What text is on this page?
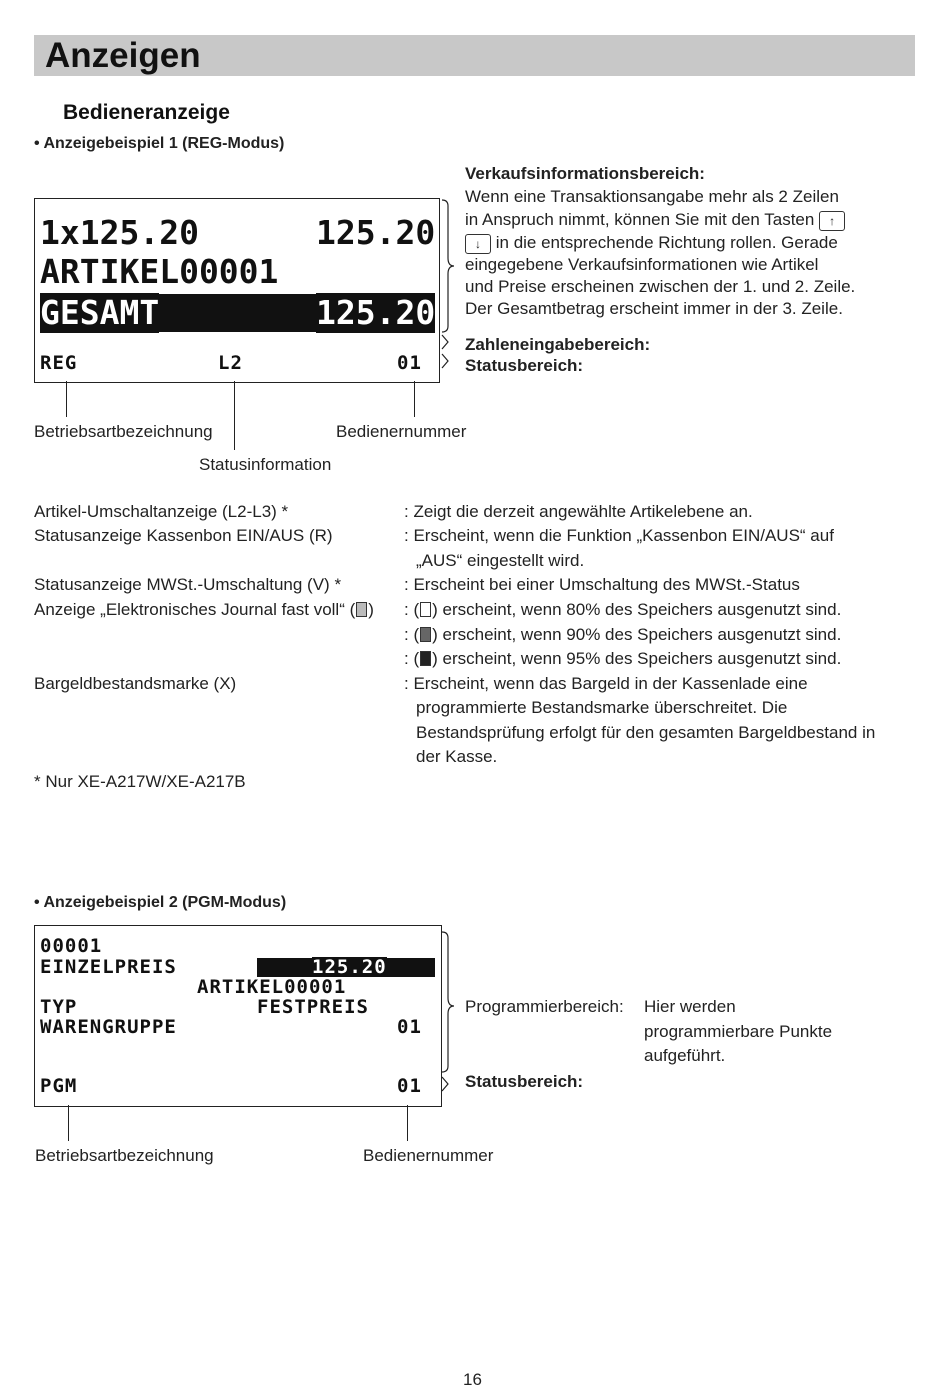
Anzeigen
Bedieneranzeige
• Anzeigebeispiel 1 (REG-Modus)
1x125.20	125.20
ARTIKEL00001
GESAMT	125.20
REG	L2	01
Verkaufsinformationsbereich:
Wenn eine Transaktionsangabe mehr als 2 Zeilen
in Anspruch nimmt, können Sie mit den Tasten ↑
↓ in die entsprechende Richtung rollen. Gerade
eingegebene Verkaufsinformationen wie Artikel
und Preise erscheinen zwischen der 1. und 2. Zeile.
Der Gesamtbetrag erscheint immer in der 3. Zeile.
Zahleneingabebereich:
Statusbereich:
Betriebsartbezeichnung	Bedienernummer
Statusinformation
Artikel-Umschaltanzeige (L2-L3) *	: Zeigt die derzeit angewählte Artikelebene an.
Statusanzeige Kassenbon EIN/AUS (R)	: Erscheint, wenn die Funktion „Kassenbon EIN/AUS“ auf
„AUS“ eingestellt wird.
Statusanzeige MWSt.-Umschaltung (V) *	: Erscheint bei einer Umschaltung des MWSt.-Status
Anzeige „Elektronisches Journal fast voll“ ( ) : ( ) erscheint, wenn 80% des Speichers ausgenutzt sind.
: ( ) erscheint, wenn 90% des Speichers ausgenutzt sind.
: ( ) erscheint, wenn 95% des Speichers ausgenutzt sind.
Bargeldbestandsmarke (X)	: Erscheint, wenn das Bargeld in der Kassenlade eine
programmierte Bestandsmarke überschreitet. Die
Bestandsprüfung erfolgt für den gesamten Bargeldbestand in
der Kasse.
* Nur XE-A217W/XE-A217B
• Anzeigebeispiel 2 (PGM-Modus)
00001
EINZELPREIS	125.20
ARTIKEL00001
TYP	FESTPREIS
WARENGRUPPE	01
PGM	01
Programmierbereich: Hier werden
programmierbare Punkte
aufgeführt.
Statusbereich:
Betriebsartbezeichnung	Bedienernummer
16
